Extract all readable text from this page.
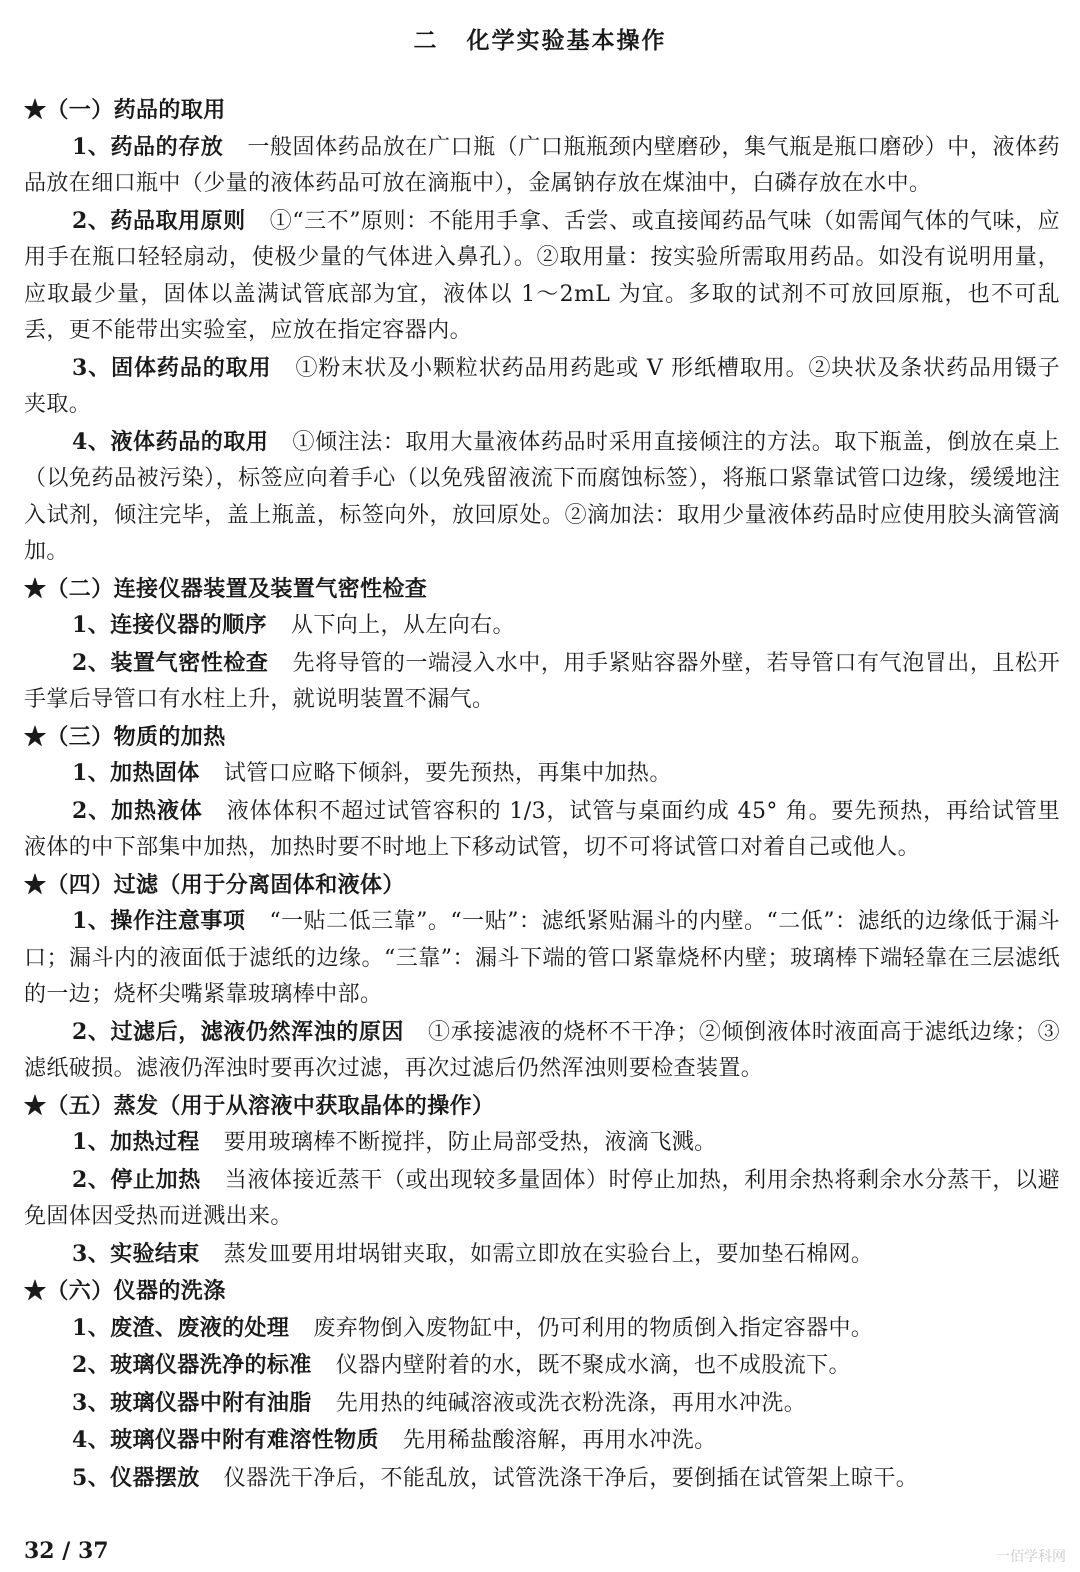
二 化学实验基本操作
★（一）药品的取用
1、药品的存放 一般固体药品放在广口瓶（广口瓶瓶颈内壁磨砂，集气瓶是瓶口磨砂）中，液体药品放在细口瓶中（少量的液体药品可放在滴瓶中），金属钠存放在煤油中，白磷存放在水中。
2、药品取用原则 ①“三不”原则：不能用手拿、舌尝、或直接闻药品气味（如需闻气体的气味，应用手在瓶口轻轻扇动，使极少量的气体进入鼻孔）。②取用量：按实验所需取用药品。如没有说明用量，应取最少量，固体以盖满试管底部为宜，液体以 1～2mL 为宜。多取的试剂不可放回原瓶，也不可乱丢，更不能带出实验室，应放在指定容器内。
3、固体药品的取用 ①粉末状及小颗粒状药品用药匙或 V 形纸槽取用。②块状及条状药品用镊子夹取。
4、液体药品的取用 ①倾注法：取用大量液体药品时采用直接倾注的方法。取下瓶盖，倒放在桌上（以免药品被污染），标签应向着手心（以免残留液流下而腐蚀标签），将瓶口紧靠试管口边缘，缓缓地注入试剂，倾注完毕，盖上瓶盖，标签向外，放回原处。②滴加法：取用少量液体药品时应使用胶头滴管滴加。
★（二）连接仪器装置及装置气密性检查
1、连接仪器的顺序 从下向上，从左向右。
2、装置气密性检查 先将导管的一端浸入水中，用手紧贴容器外壁，若导管口有气泡冒出，且松开手掌后导管口有水柱上升，就说明装置不漏气。
★（三）物质的加热
1、加热固体 试管口应略下倾斜，要先预热，再集中加热。
2、加热液体 液体体积不超过试管容积的 1/3，试管与桌面约成 45° 角。要先预热，再给试管里液体的中下部集中加热，加热时要不时地上下移动试管，切不可将试管口对着自己或他人。
★（四）过滤（用于分离固体和液体）
1、操作注意事项 “一贴二低三靠”。“一贴”：滤纸紧贴漏斗的内壁。“二低”：滤纸的边缘低于漏斗口；漏斗内的液面低于滤纸的边缘。“三靠”：漏斗下端的管口紧靠烧杯内壁；玻璃棒下端轻靠在三层滤纸的一边；烧杯尖嘴紧靠玻璃棒中部。
2、过滤后，滤液仍然浑浊的原因 ①承接滤液的烧杯不干净；②倾倒液体时液面高于滤纸边缘；③滤纸破损。滤液仍浑浊时要再次过滤，再次过滤后仍然浑浊则要检查装置。
★（五）蒸发（用于从溶液中获取晶体的操作）
1、加热过程 要用玻璃棒不断搅拌，防止局部受热，液滴飞溅。
2、停止加热 当液体接近蒸干（或出现较多量固体）时停止加热，利用余热将剩余水分蒸干，以避免固体因受热而迸溅出来。
3、实验结束 蒸发皿要用坩埚钳夹取，如需立即放在实验台上，要加垫石棉网。
★（六）仪器的洗涤
1、废渣、废液的处理 废弃物倒入废物缸中，仍可利用的物质倒入指定容器中。
2、玻璃仪器洗净的标准 仪器内壁附着的水，既不聚成水滴，也不成股流下。
3、玻璃仪器中附有油脂 先用热的纯碱溶液或洗衣粉洗涤，再用水冲洗。
4、玻璃仪器中附有难溶性物质 先用稀盐酸溶解，再用水冲洗。
5、仪器摆放 仪器洗干净后，不能乱放，试管洗涤干净后，要倒插在试管架上晾干。
32 / 37	一佰学科网
